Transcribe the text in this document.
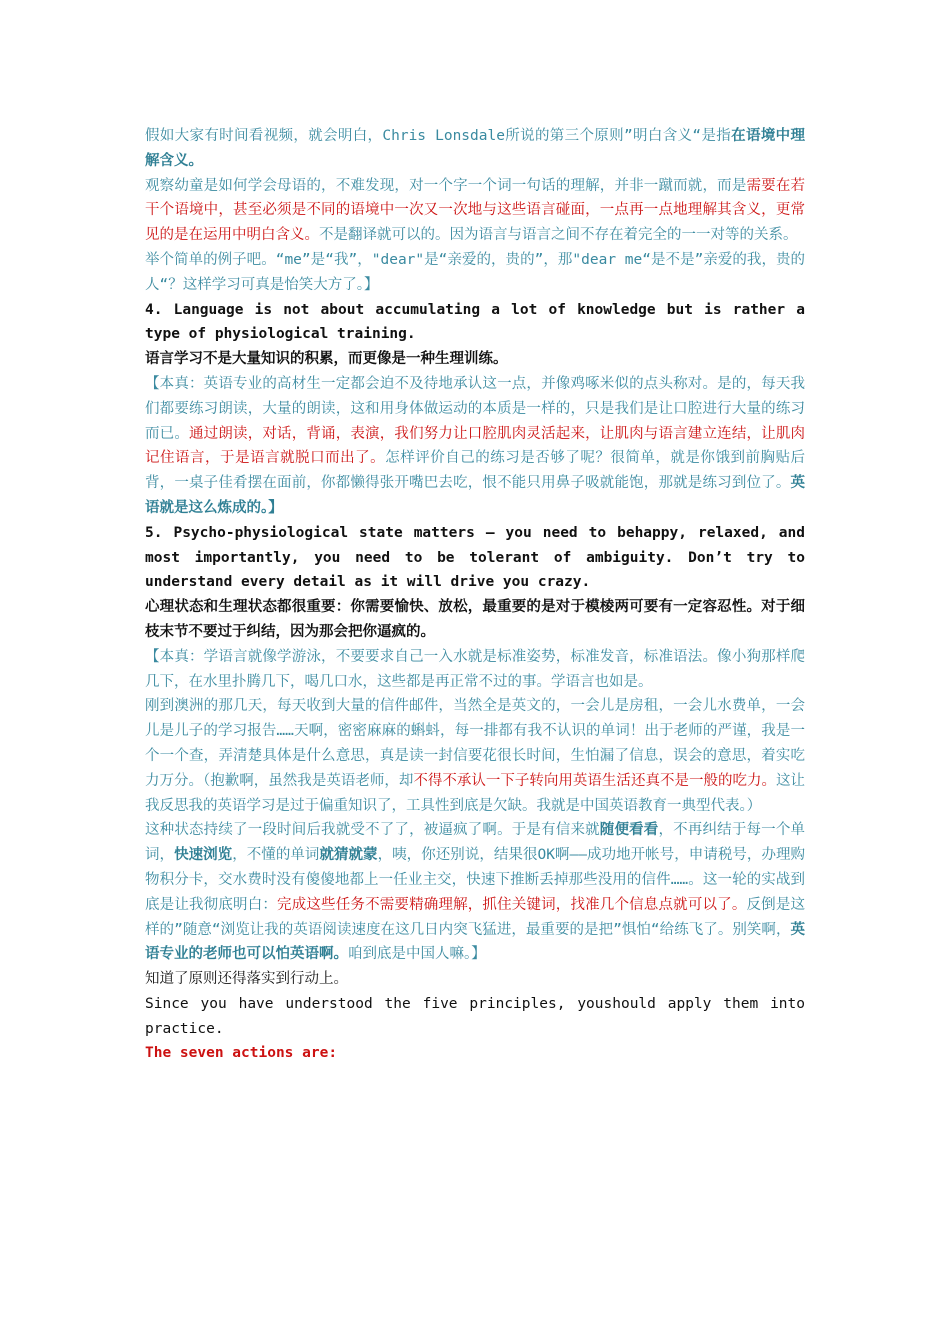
假如大家有时间看视频，就会明白，Chris Lonsdale所说的第三个原则”明白含义“是指在语境中理解含义。

观察幼童是如何学会母语的，不难发现，对一个字一个词一句话的理解，并非一蹴而就，而是需要在若干个语境中，甚至必须是不同的语境中一次又一次地与这些语言碰面，一点再一点地理解其含义，更常见的是在运用中明白含义。不是翻译就可以的。因为语言与语言之间不存在着完全的一一对等的关系。

举个简单的例子吧。“me”是“我”，"dear"是“亲爱的，贵的”，那"dear me“是不是”亲爱的我，贵的人“？这样学习可真是怡笑大方了。】

4. Language is not about accumulating a lot of knowledge but is rather a type of physiological training.

语言学习不是大量知识的积累，而更像是一种生理训练。

【本真：英语专业的高材生一定都会迫不及待地承认这一点，并像鸡啄米似的点头称对。是的，每天我们都要练习朗读，大量的朗读，这和用身体做运动的本质是一样的，只是我们是让口腔进行大量的练习而已。通过朗读，对话，背诵，表演，我们努力让口腔肌肉灵活起来，让肌肉与语言建立连结，让肌肉记住语言，于是语言就脱口而出了。怎样评价自己的练习是否够了呢？很简单，就是你饿到前胸贴后背，一桌子佳肴摆在面前，你都懒得张开嘴巴去吃，恨不能只用鼻子吸就能饱，那就是练习到位了。英语就是这么炼成的。】

5. Psycho-physiological state matters – you need to behappy, relaxed, and most importantly, you need to be tolerant of ambiguity. Don’t try to understand every detail as it will drive you crazy.

心理状态和生理状态都很重要：你需要愉快、放松，最重要的是对于模棱两可要有一定容忍性。对于细枝末节不要过于纠结，因为那会把你逼疯的。

【本真：学语言就像学游泳，不要要求自己一入水就是标准姿势，标准发音，标准语法。像小狗那样爬几下，在水里扑腾几下，喝几口水，这些都是再正常不过的事。学语言也如是。

刚到澳洲的那几天，每天收到大量的信件邮件，当然全是英文的，一会儿是房租，一会儿水费单，一会儿是儿子的学习报告……天啊，密密麻麻的蝌蚪，每一排都有我不认识的单词！出于老师的严谨，我是一个一个查，弄清楚具体是什么意思，真是读一封信要花很长时间，生怕漏了信息，误会的意思，着实吃力万分。（抱歉啊，虽然我是英语老师，却不得不承认一下子转向用英语生活还真不是一般的吃力。这让我反思我的英语学习是过于偏重知识了，工具性到底是欠缺。我就是中国英语教育一典型代表。）

这种状态持续了一段时间后我就受不了了，被逼疯了啊。于是有信来就随便看看，不再纠结于每一个单词，快速浏览，不懂的单词就猜就蒙，咦，你还别说，结果很OK啊——成功地开帐号，申请税号，办理购物积分卡，交水费时没有傻傻地都上一任业主交，快速下推断丢掉那些没用的信件……。这一轮的实战到底是让我彻底明白：完成这些任务不需要精确理解，抓住关键词，找准几个信息点就可以了。反倒是这样的”随意“浏览让我的英语阅读速度在这几日内突飞猛进，最重要的是把”惧怕“给练飞了。别笑啊，英语专业的老师也可以怕英语啊。咱到底是中国人嘛。】

知道了原则还得落实到行动上。

Since you have understood the five principles, youshould apply them into practice.

The seven actions are:
